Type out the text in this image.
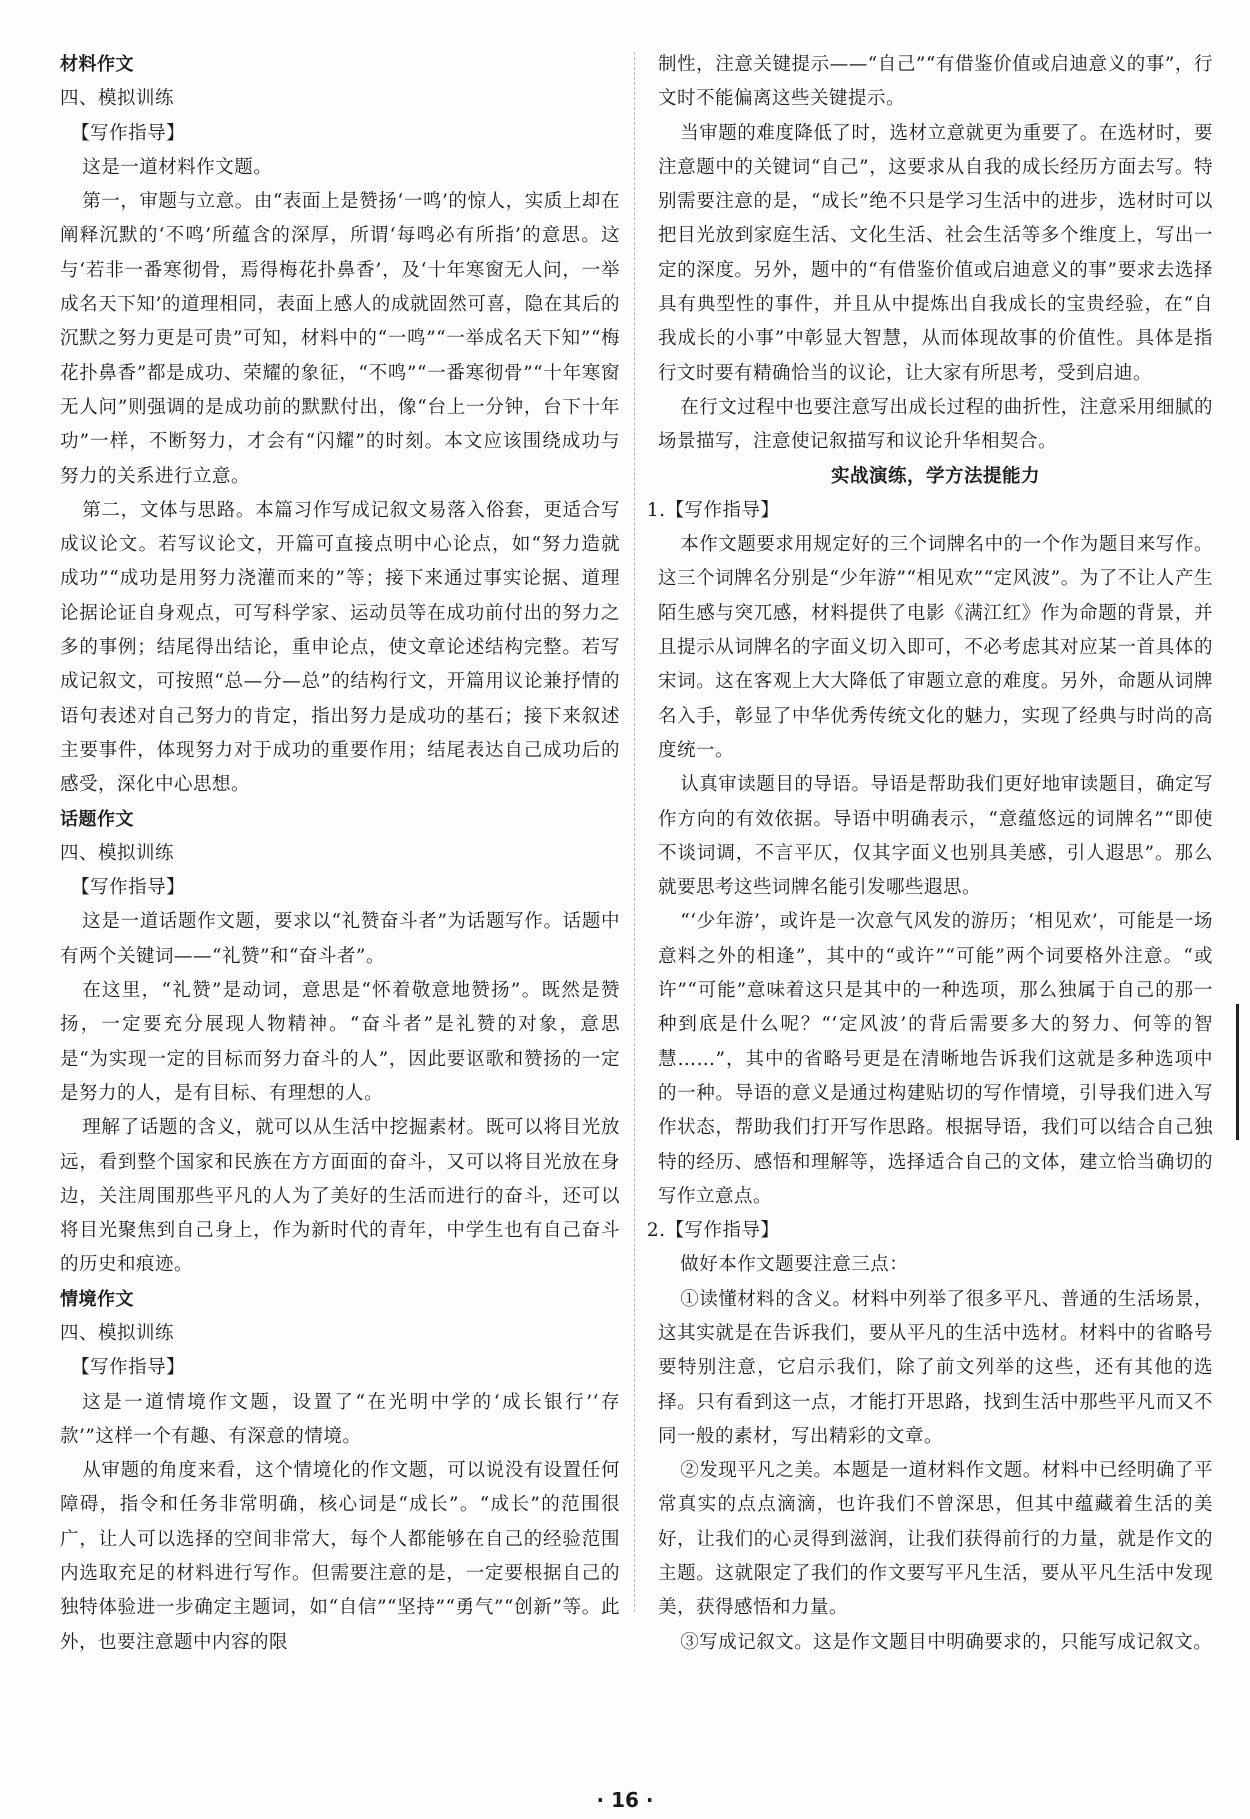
材料作文

四、模拟训练

【写作指导】

这是一道材料作文题。

第一，审题与立意。由“表面上是赞扬‘一鸣’的惊人，实质上却在阐释沉默的‘不鸣’所蕴含的深厚，所谓‘每鸣必有所指’的意思。这与‘若非一番寒彻骨，焉得梅花扑鼻香’，及‘十年寒窗无人问，一举成名天下知’的道理相同，表面上感人的成就固然可喜，隐在其后的沉默之努力更是可贵”可知，材料中的“一鸣”“一举成名天下知”“梅花扑鼻香”都是成功、荣耀的象征，“不鸣”“一番寒彻骨”“十年寒窗无人问”则强调的是成功前的默默付出，像“台上一分钟，台下十年功”一样，不断努力，才会有“闪耀”的时刻。本文应该围绕成功与努力的关系进行立意。

第二，文体与思路。本篇习作写成记叙文易落入俗套，更适合写成议论文。若写议论文，开篇可直接点明中心论点，如“努力造就成功”“成功是用努力浇灌而来的”等；接下来通过事实论据、道理论据论证自身观点，可写科学家、运动员等在成功前付出的努力之多的事例；结尾得出结论，重申论点，使文章论述结构完整。若写成记叙文，可按照“总—分—总”的结构行文，开篇用议论兼抒情的语句表述对自己努力的肯定，指出努力是成功的基石；接下来叙述主要事件，体现努力对于成功的重要作用；结尾表达自己成功后的感受，深化中心思想。

话题作文

四、模拟训练

【写作指导】

这是一道话题作文题，要求以“礼赞奋斗者”为话题写作。话题中有两个关键词——“礼赞”和“奋斗者”。

在这里，“礼赞”是动词，意思是“怀着敬意地赞扬”。既然是赞扬，一定要充分展现人物精神。“奋斗者”是礼赞的对象，意思是“为实现一定的目标而努力奋斗的人”，因此要讴歌和赞扬的一定是努力的人，是有目标、有理想的人。

理解了话题的含义，就可以从生活中挖掘素材。既可以将目光放远，看到整个国家和民族在方方面面的奋斗，又可以将目光放在身边，关注周围那些平凡的人为了美好的生活而进行的奋斗，还可以将目光聚焦到自己身上，作为新时代的青年，中学生也有自己奋斗的历史和痕迹。

情境作文

四、模拟训练

【写作指导】

这是一道情境作文题，设置了“在光明中学的‘成长银行’‘存款’”这样一个有趣、有深意的情境。

从审题的角度来看，这个情境化的作文题，可以说没有设置任何障碍，指令和任务非常明确，核心词是“成长”。“成长”的范围很广，让人可以选择的空间非常大，每个人都能够在自己的经验范围内选取充足的材料进行写作。但需要注意的是，一定要根据自己的独特体验进一步确定主题词，如“自信”“坚持”“勇气”“创新”等。此外，也要注意题中内容的限

制性，注意关键提示——“自己”“有借鉴价值或启迪意义的事”，行文时不能偏离这些关键提示。

当审题的难度降低了时，选材立意就更为重要了。在选材时，要注意题中的关键词“自己”，这要求从自我的成长经历方面去写。特别需要注意的是，“成长”绝不只是学习生活中的进步，选材时可以把目光放到家庭生活、文化生活、社会生活等多个维度上，写出一定的深度。另外，题中的“有借鉴价值或启迪意义的事”要求去选择具有典型性的事件，并且从中提炼出自我成长的宝贵经验，在“自我成长的小事”中彰显大智慧，从而体现故事的价值性。具体是指行文时要有精确恰当的议论，让大家有所思考，受到启迪。

在行文过程中也要注意写出成长过程的曲折性，注意采用细腻的场景描写，注意使记叙描写和议论升华相契合。

实战演练，学方法提能力

1.【写作指导】

本作文题要求用规定好的三个词牌名中的一个作为题目来写作。这三个词牌名分别是“少年游”“相见欢”“定风波”。为了不让人产生陌生感与突兀感，材料提供了电影《满江红》作为命题的背景，并且提示从词牌名的字面义切入即可，不必考虑其对应某一首具体的宋词。这在客观上大大降低了审题立意的难度。另外，命题从词牌名入手，彰显了中华优秀传统文化的魅力，实现了经典与时尚的高度统一。

认真审读题目的导语。导语是帮助我们更好地审读题目，确定写作方向的有效依据。导语中明确表示，“意蕴悠远的词牌名”“即使不谈词调，不言平仄，仅其字面义也别具美感，引人遐思”。那么就要思考这些词牌名能引发哪些遐思。

“‘少年游’，或许是一次意气风发的游历；‘相见欢’，可能是一场意料之外的相逢”，其中的“或许”“可能”两个词要格外注意。“或许”“可能”意味着这只是其中的一种选项，那么独属于自己的那一种到底是什么呢？“‘定风波’的背后需要多大的努力、何等的智慧……”，其中的省略号更是在清晰地告诉我们这就是多种选项中的一种。导语的意义是通过构建贴切的写作情境，引导我们进入写作状态，帮助我们打开写作思路。根据导语，我们可以结合自己独特的经历、感悟和理解等，选择适合自己的文体，建立恰当确切的写作立意点。

2.【写作指导】

做好本作文题要注意三点：

①读懂材料的含义。材料中列举了很多平凡、普通的生活场景，这其实就是在告诉我们，要从平凡的生活中选材。材料中的省略号要特别注意，它启示我们，除了前文列举的这些，还有其他的选择。只有看到这一点，才能打开思路，找到生活中那些平凡而又不同一般的素材，写出精彩的文章。

②发现平凡之美。本题是一道材料作文题。材料中已经明确了平常真实的点点滴滴，也许我们不曾深思，但其中蕴藏着生活的美好，让我们的心灵得到滋润，让我们获得前行的力量，就是作文的主题。这就限定了我们的作文要写平凡生活，要从平凡生活中发现美，获得感悟和力量。

③写成记叙文。这是作文题目中明确要求的，只能写成记叙文。

· 16 ·
